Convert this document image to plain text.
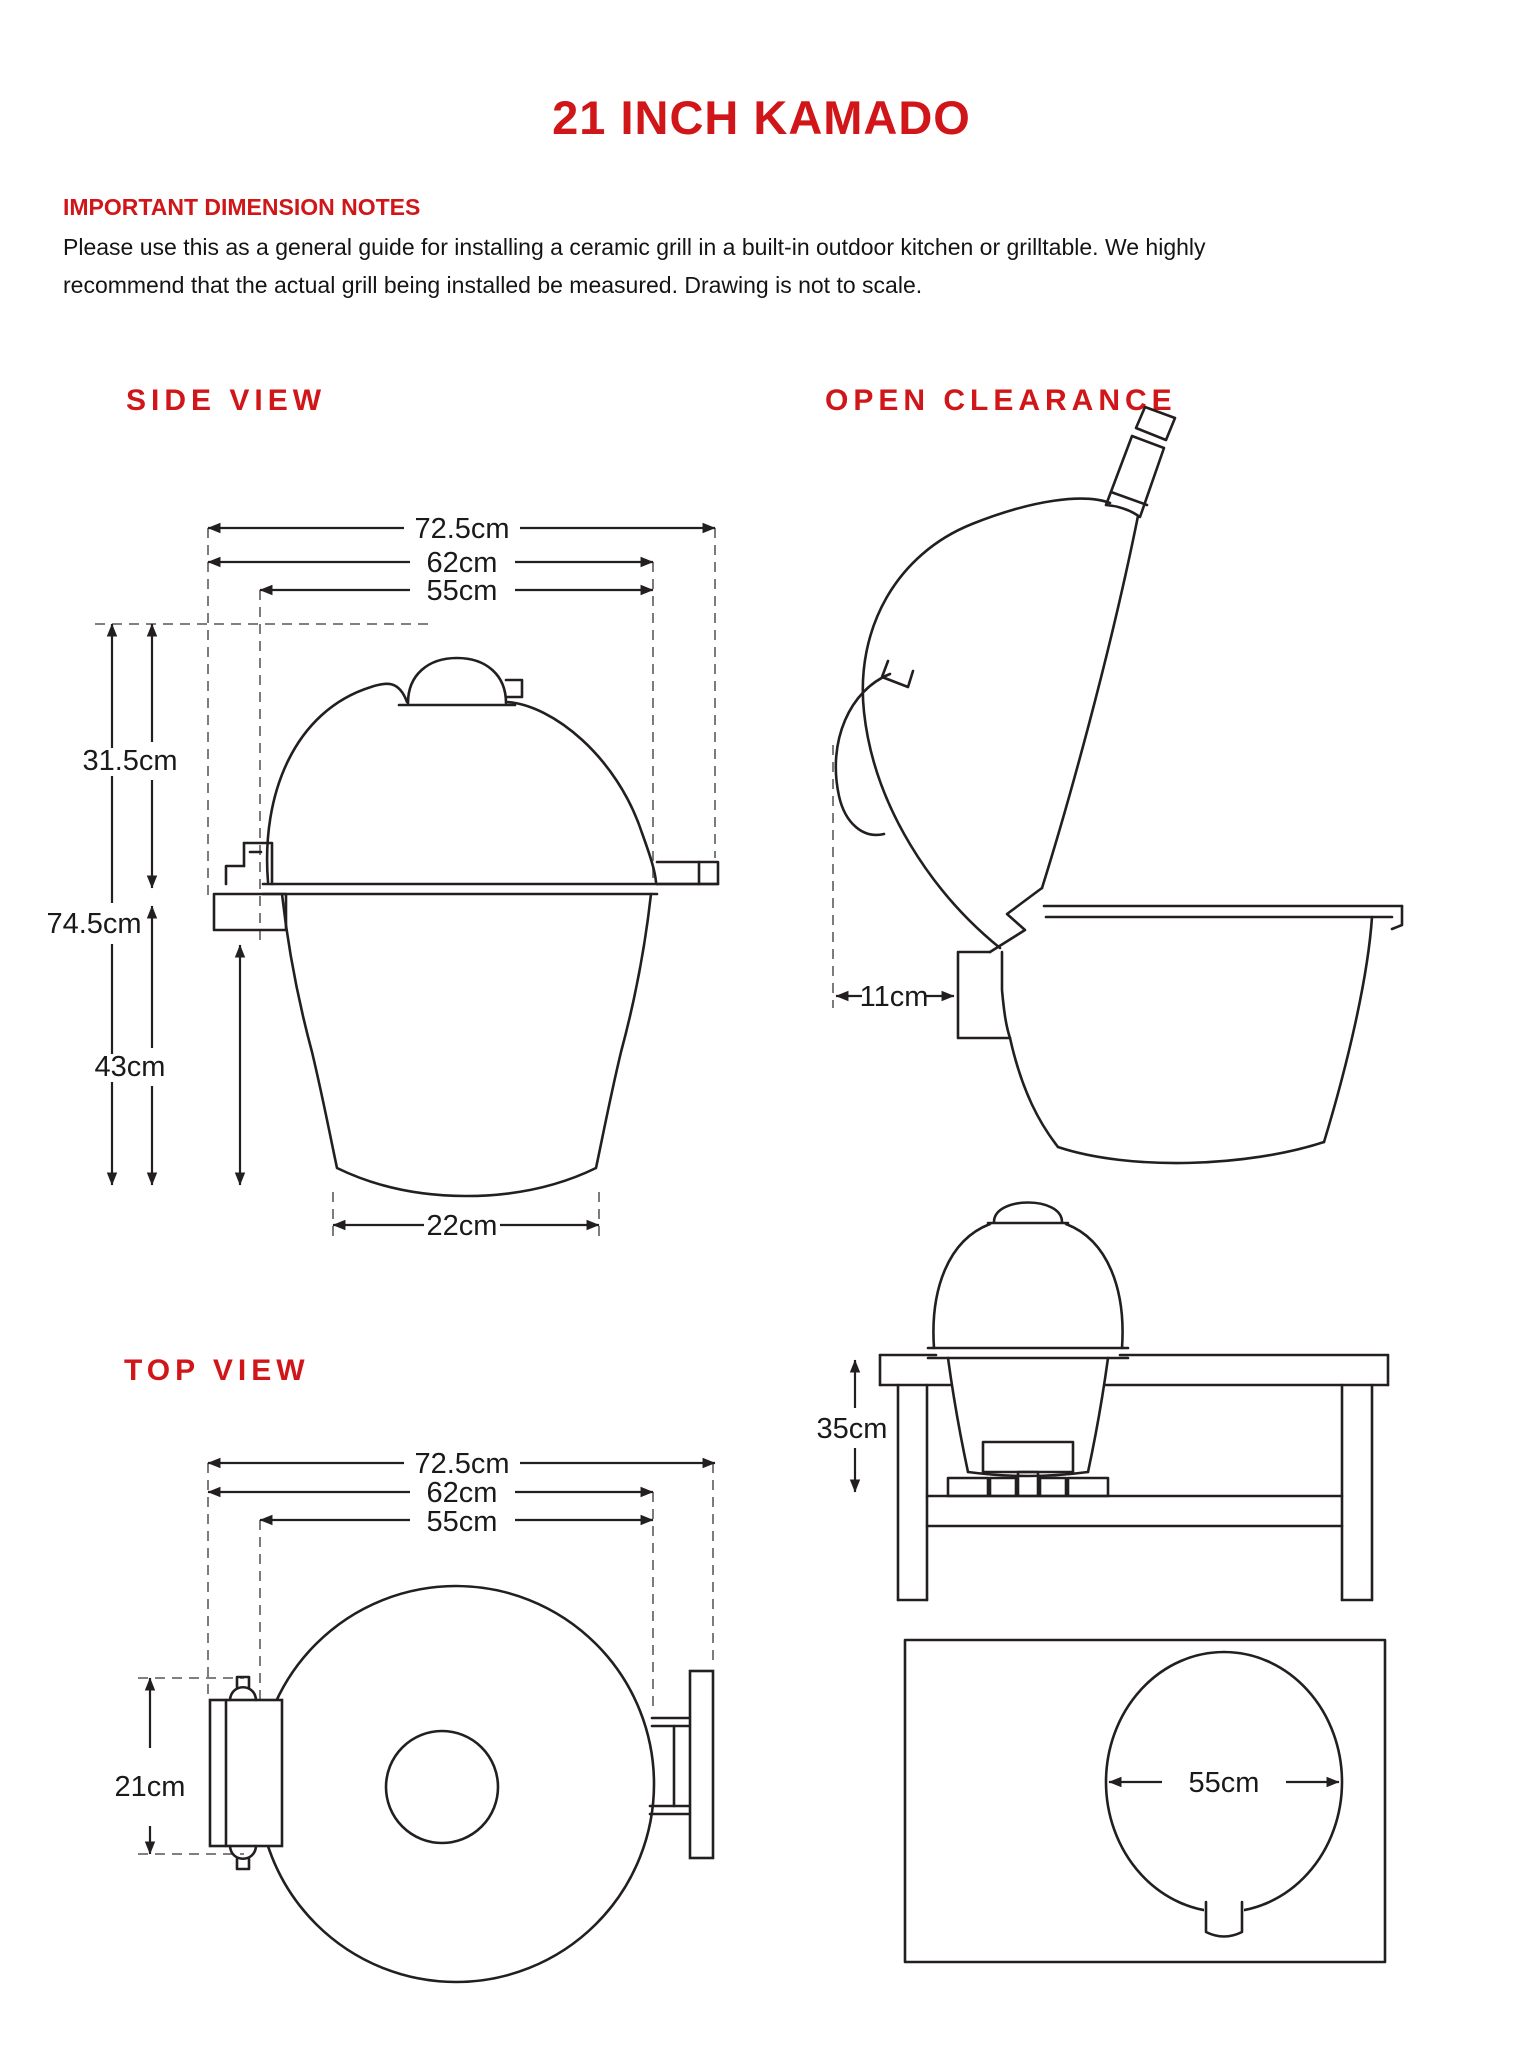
21 INCH KAMADO
IMPORTANT DIMENSION NOTES
Please use this as a general guide for installing a ceramic grill in a built-in outdoor kitchen or grilltable. We highly
recommend that the actual grill being installed be measured. Drawing is not to scale.
SIDE VIEW	OPEN CLEARANCE
TOP VIEW
72.5cm
62cm
55cm
74.5cm
31.5cm
43cm
22cm
11cm
72.5cm
62cm
55cm
21cm
35cm
55cm
